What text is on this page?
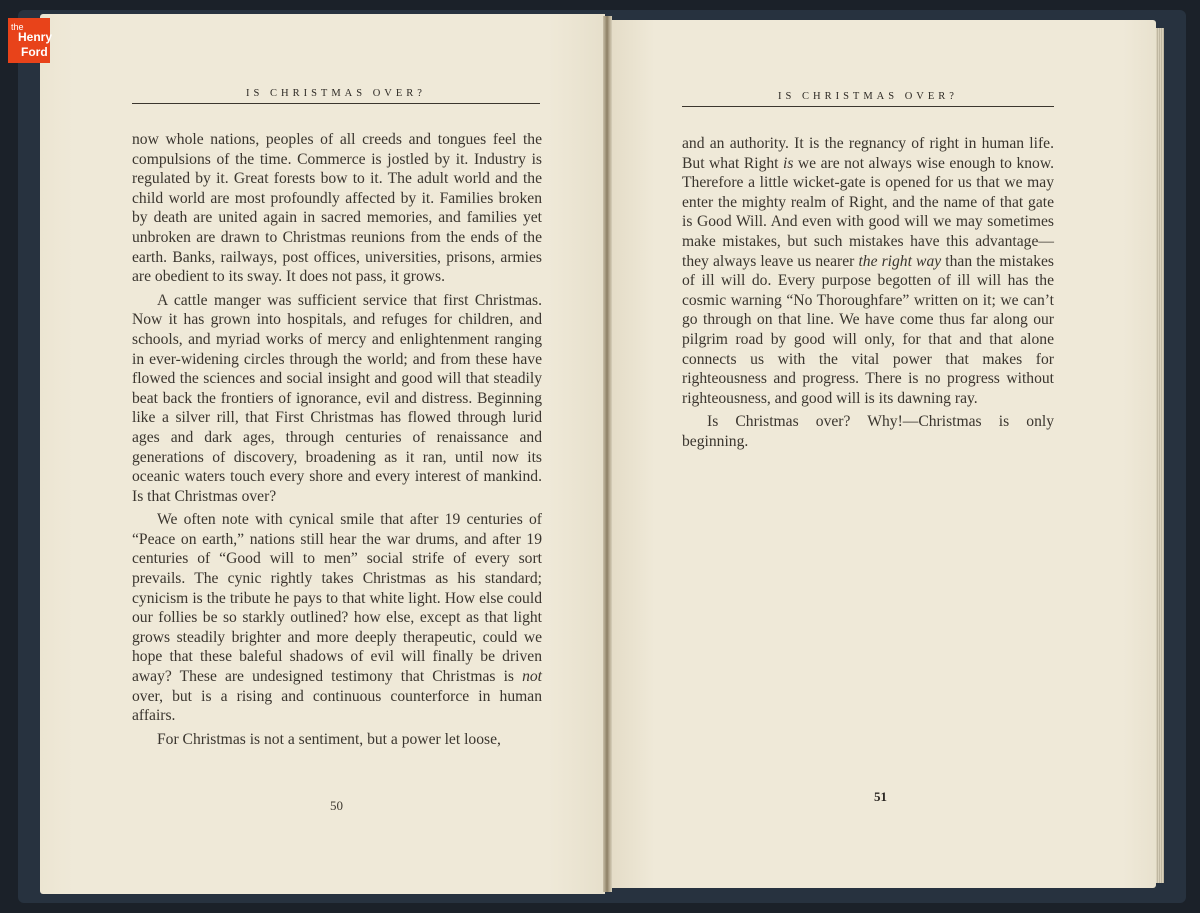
the
Henry
Ford
IS CHRISTMAS OVER?

now whole nations, peoples of all creeds and tongues feel the compulsions of the time. Commerce is jostled by it. Industry is regulated by it. Great forests bow to it. The adult world and the child world are most profoundly affected by it. Families broken by death are united again in sacred memories, and families yet unbroken are drawn to Christmas reunions from the ends of the earth. Banks, railways, post offices, universities, prisons, armies are obedient to its sway. It does not pass, it grows.

A cattle manger was sufficient service that first Christmas. Now it has grown into hospitals, and refuges for children, and schools, and myriad works of mercy and enlightenment ranging in ever-widening circles through the world; and from these have flowed the sciences and social insight and good will that steadily beat back the frontiers of ignorance, evil and distress. Beginning like a silver rill, that First Christmas has flowed through lurid ages and dark ages, through centuries of renaissance and generations of discovery, broadening as it ran, until now its oceanic waters touch every shore and every interest of mankind. Is that Christmas over?

We often note with cynical smile that after 19 centuries of “Peace on earth,” nations still hear the war drums, and after 19 centuries of “Good will to men” social strife of every sort prevails. The cynic rightly takes Christmas as his standard; cynicism is the tribute he pays to that white light. How else could our follies be so starkly outlined? how else, except as that light grows steadily brighter and more deeply therapeutic, could we hope that these baleful shadows of evil will finally be driven away? These are undesigned testimony that Christmas is not over, but is a rising and continuous counterforce in human affairs.

For Christmas is not a sentiment, but a power let loose,

50
IS CHRISTMAS OVER?

and an authority. It is the regnancy of right in human life. But what Right is we are not always wise enough to know. Therefore a little wicket-gate is opened for us that we may enter the mighty realm of Right, and the name of that gate is Good Will. And even with good will we may sometimes make mistakes, but such mistakes have this advantage— they always leave us nearer the right way than the mistakes of ill will do. Every purpose begotten of ill will has the cosmic warning “No Thoroughfare” written on it; we can’t go through on that line. We have come thus far along our pilgrim road by good will only, for that and that alone connects us with the vital power that makes for righteousness and progress. There is no progress without righteousness, and good will is its dawning ray.

Is Christmas over? Why!—Christmas is only beginning.

51
